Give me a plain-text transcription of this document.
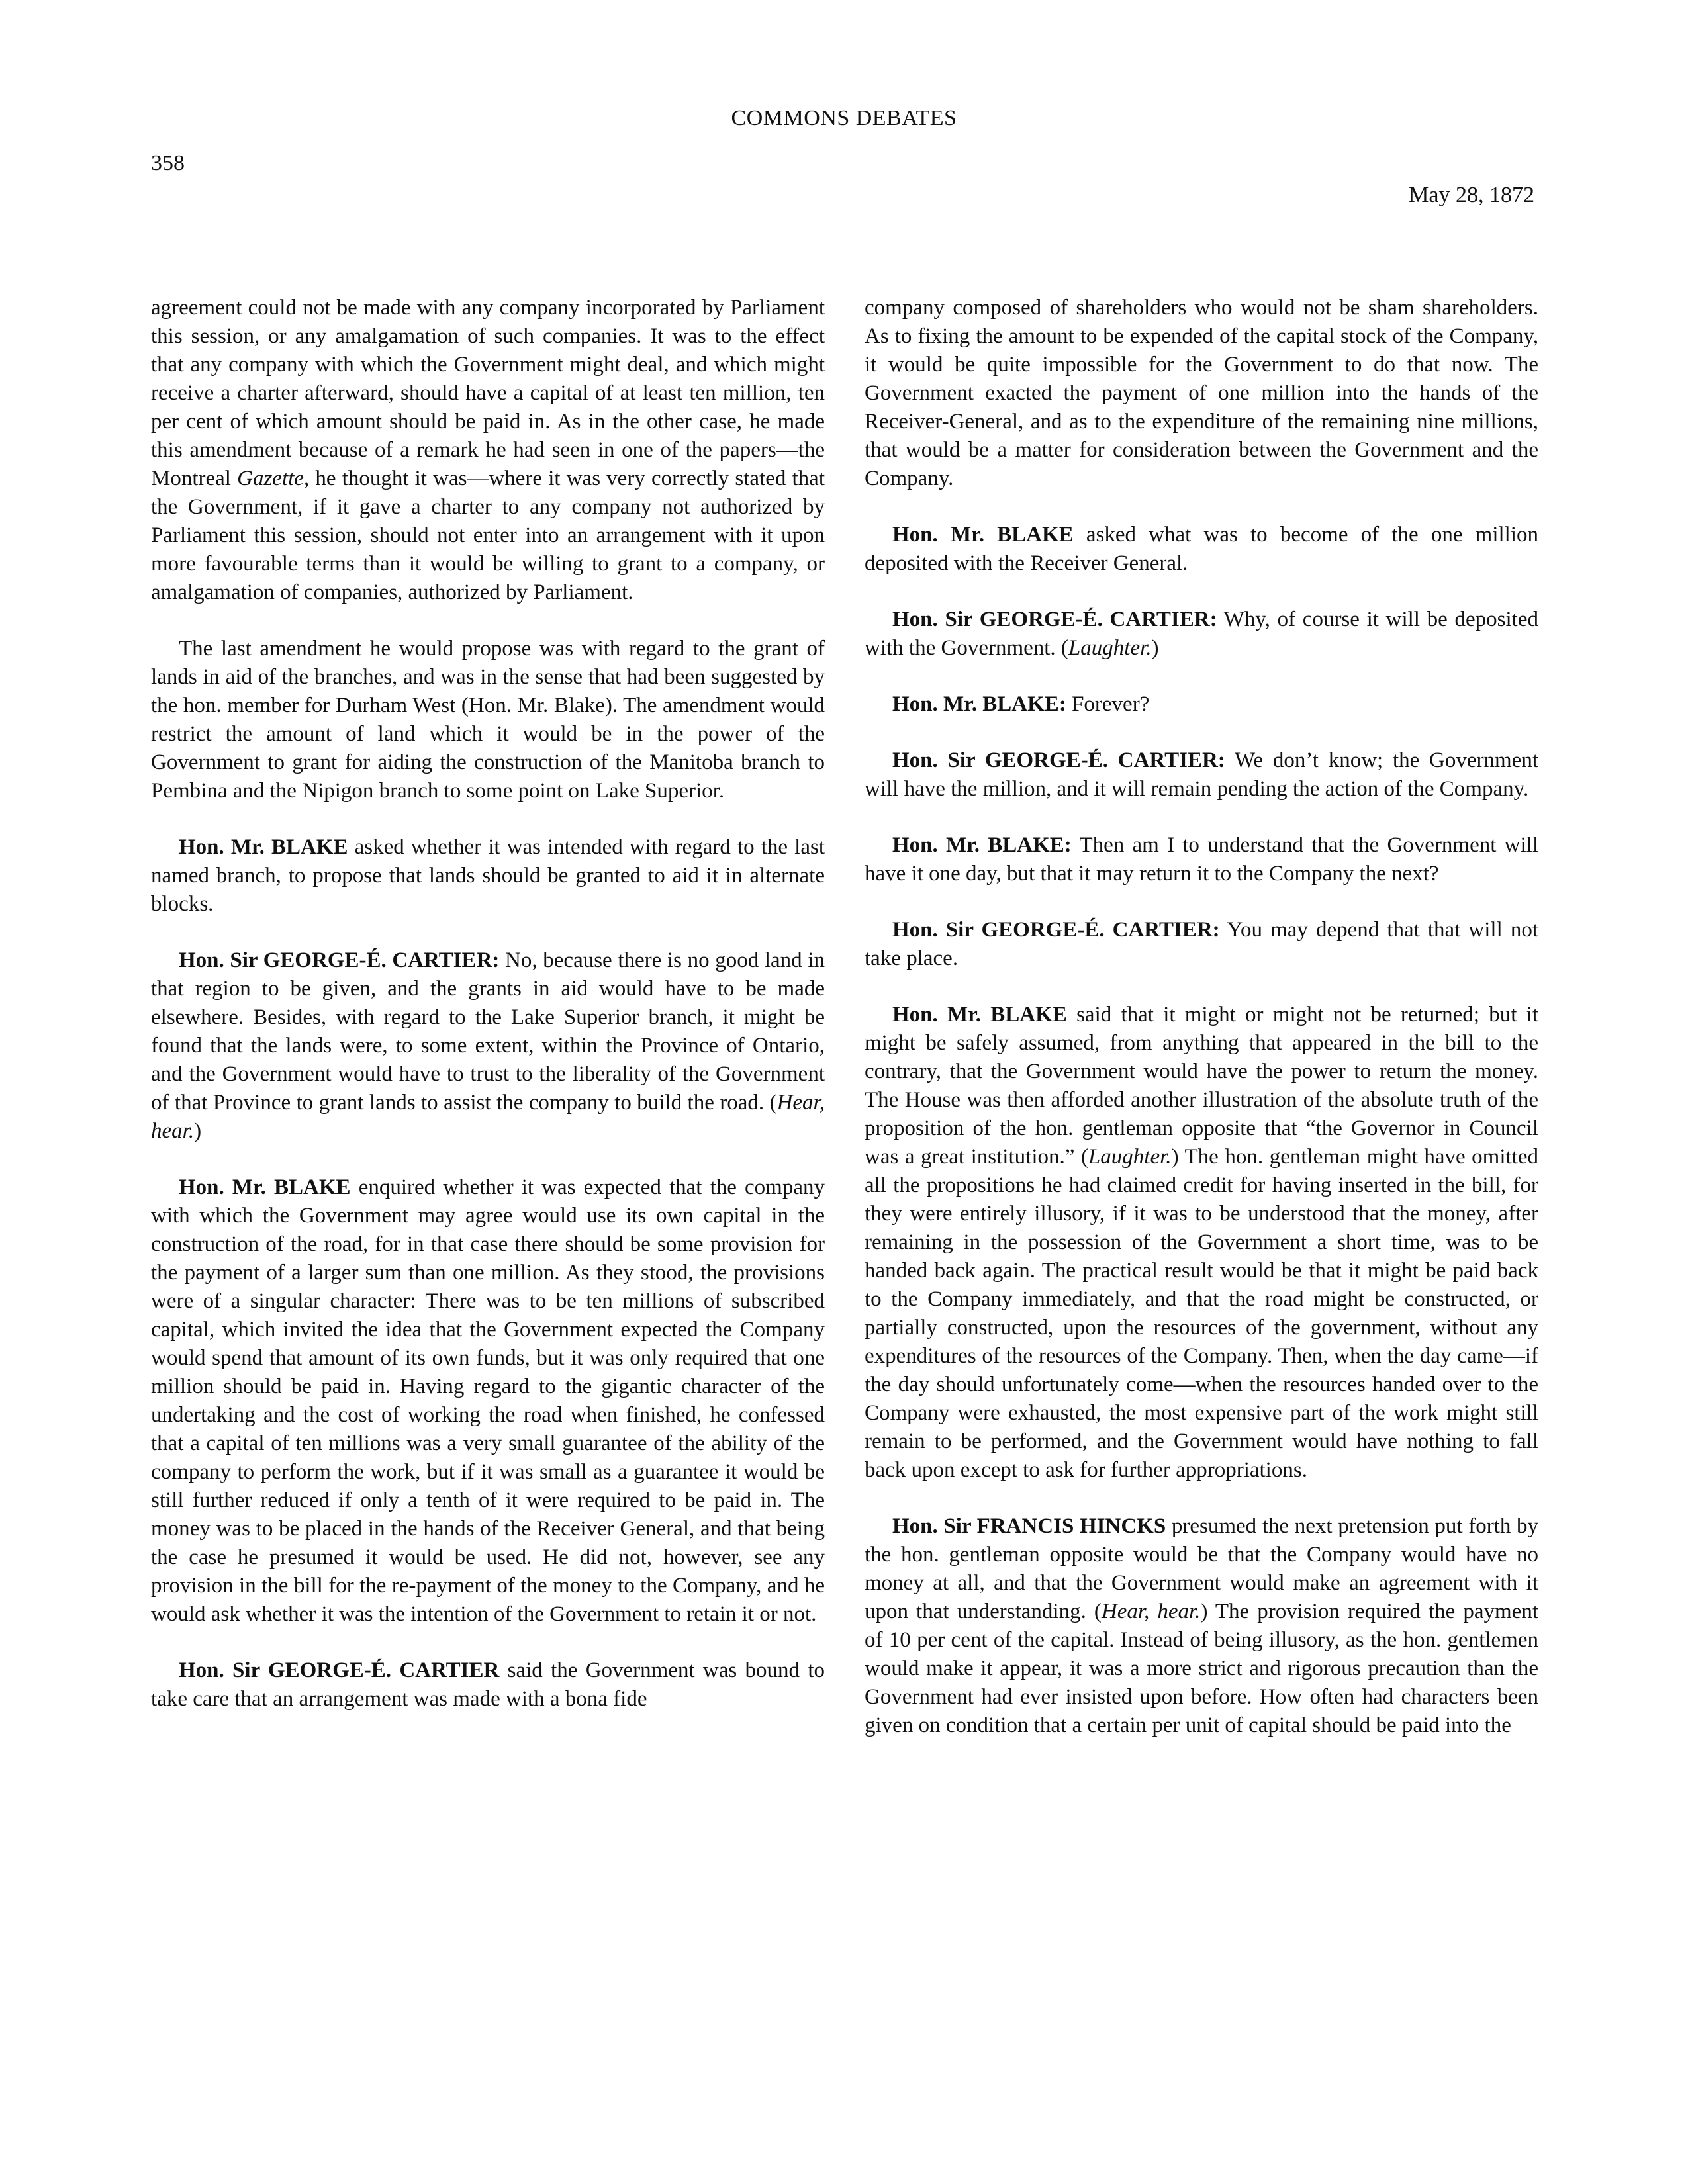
COMMONS DEBATES
358
May 28, 1872

agreement could not be made with any company incorporated by Parliament this session, or any amalgamation of such companies. It was to the effect that any company with which the Government might deal, and which might receive a charter afterward, should have a capital of at least ten million, ten per cent of which amount should be paid in. As in the other case, he made this amendment because of a remark he had seen in one of the papers—the Montreal Gazette, he thought it was—where it was very correctly stated that the Government, if it gave a charter to any company not authorized by Parliament this session, should not enter into an arrangement with it upon more favourable terms than it would be willing to grant to a company, or amalgamation of companies, authorized by Parliament.

The last amendment he would propose was with regard to the grant of lands in aid of the branches, and was in the sense that had been suggested by the hon. member for Durham West (Hon. Mr. Blake). The amendment would restrict the amount of land which it would be in the power of the Government to grant for aiding the construction of the Manitoba branch to Pembina and the Nipigon branch to some point on Lake Superior.

Hon. Mr. BLAKE asked whether it was intended with regard to the last named branch, to propose that lands should be granted to aid it in alternate blocks.

Hon. Sir GEORGE-É. CARTIER: No, because there is no good land in that region to be given, and the grants in aid would have to be made elsewhere. Besides, with regard to the Lake Superior branch, it might be found that the lands were, to some extent, within the Province of Ontario, and the Government would have to trust to the liberality of the Government of that Province to grant lands to assist the company to build the road. (Hear, hear.)

Hon. Mr. BLAKE enquired whether it was expected that the company with which the Government may agree would use its own capital in the construction of the road, for in that case there should be some provision for the payment of a larger sum than one million. As they stood, the provisions were of a singular character: There was to be ten millions of subscribed capital, which invited the idea that the Government expected the Company would spend that amount of its own funds, but it was only required that one million should be paid in. Having regard to the gigantic character of the undertaking and the cost of working the road when finished, he confessed that a capital of ten millions was a very small guarantee of the ability of the company to perform the work, but if it was small as a guarantee it would be still further reduced if only a tenth of it were required to be paid in. The money was to be placed in the hands of the Receiver General, and that being the case he presumed it would be used. He did not, however, see any provision in the bill for the re-payment of the money to the Company, and he would ask whether it was the intention of the Government to retain it or not.

Hon. Sir GEORGE-É. CARTIER said the Government was bound to take care that an arrangement was made with a bona fide

company composed of shareholders who would not be sham shareholders. As to fixing the amount to be expended of the capital stock of the Company, it would be quite impossible for the Government to do that now. The Government exacted the payment of one million into the hands of the Receiver-General, and as to the expenditure of the remaining nine millions, that would be a matter for consideration between the Government and the Company.

Hon. Mr. BLAKE asked what was to become of the one million deposited with the Receiver General.

Hon. Sir GEORGE-É. CARTIER: Why, of course it will be deposited with the Government. (Laughter.)

Hon. Mr. BLAKE: Forever?

Hon. Sir GEORGE-É. CARTIER: We don’t know; the Government will have the million, and it will remain pending the action of the Company.

Hon. Mr. BLAKE: Then am I to understand that the Government will have it one day, but that it may return it to the Company the next?

Hon. Sir GEORGE-É. CARTIER: You may depend that that will not take place.

Hon. Mr. BLAKE said that it might or might not be returned; but it might be safely assumed, from anything that appeared in the bill to the contrary, that the Government would have the power to return the money. The House was then afforded another illustration of the absolute truth of the proposition of the hon. gentleman opposite that “the Governor in Council was a great institution.” (Laughter.) The hon. gentleman might have omitted all the propositions he had claimed credit for having inserted in the bill, for they were entirely illusory, if it was to be understood that the money, after remaining in the possession of the Government a short time, was to be handed back again. The practical result would be that it might be paid back to the Company immediately, and that the road might be constructed, or partially constructed, upon the resources of the government, without any expenditures of the resources of the Company. Then, when the day came—if the day should unfortunately come—when the resources handed over to the Company were exhausted, the most expensive part of the work might still remain to be performed, and the Government would have nothing to fall back upon except to ask for further appropriations.

Hon. Sir FRANCIS HINCKS presumed the next pretension put forth by the hon. gentleman opposite would be that the Company would have no money at all, and that the Government would make an agreement with it upon that understanding. (Hear, hear.) The provision required the payment of 10 per cent of the capital. Instead of being illusory, as the hon. gentlemen would make it appear, it was a more strict and rigorous precaution than the Government had ever insisted upon before. How often had characters been given on condition that a certain per unit of capital should be paid into the
